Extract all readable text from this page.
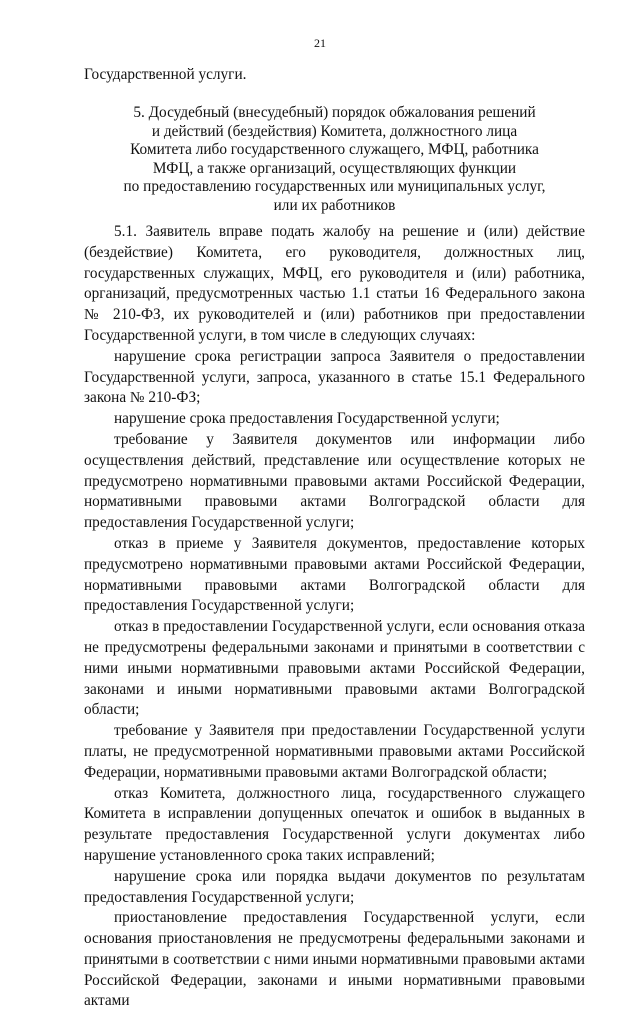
21
Государственной услуги.
5. Досудебный (внесудебный) порядок обжалования решений
и действий (бездействия) Комитета, должностного лица
Комитета либо государственного служащего, МФЦ, работника
МФЦ, а также организаций, осуществляющих функции
по предоставлению государственных или муниципальных услуг,
или их работников

5.1. Заявитель вправе подать жалобу на решение и (или) действие (бездействие) Комитета, его руководителя, должностных лиц, государственных служащих, МФЦ, его руководителя и (или) работника, организаций, предусмотренных частью 1.1 статьи 16 Федерального закона № 210-ФЗ, их руководителей и (или) работников при предоставлении Государственной услуги, в том числе в следующих случаях:

нарушение срока регистрации запроса Заявителя о предоставлении Государственной услуги, запроса, указанного в статье 15.1 Федерального закона № 210-ФЗ;

нарушение срока предоставления Государственной услуги;

требование у Заявителя документов или информации либо осуществления действий, представление или осуществление которых не предусмотрено нормативными правовыми актами Российской Федерации, нормативными правовыми актами Волгоградской области для предоставления Государственной услуги;

отказ в приеме у Заявителя документов, предоставление которых предусмотрено нормативными правовыми актами Российской Федерации, нормативными правовыми актами Волгоградской области для предоставления Государственной услуги;

отказ в предоставлении Государственной услуги, если основания отказа не предусмотрены федеральными законами и принятыми в соответствии с ними иными нормативными правовыми актами Российской Федерации, законами и иными нормативными правовыми актами Волгоградской области;

требование у Заявителя при предоставлении Государственной услуги платы, не предусмотренной нормативными правовыми актами Российской Федерации, нормативными правовыми актами Волгоградской области;

отказ Комитета, должностного лица, государственного служащего Комитета в исправлении допущенных опечаток и ошибок в выданных в результате предоставления Государственной услуги документах либо нарушение установленного срока таких исправлений;

нарушение срока или порядка выдачи документов по результатам предоставления Государственной услуги;

приостановление предоставления Государственной услуги, если основания приостановления не предусмотрены федеральными законами и принятыми в соответствии с ними иными нормативными правовыми актами Российской Федерации, законами и иными нормативными правовыми актами
